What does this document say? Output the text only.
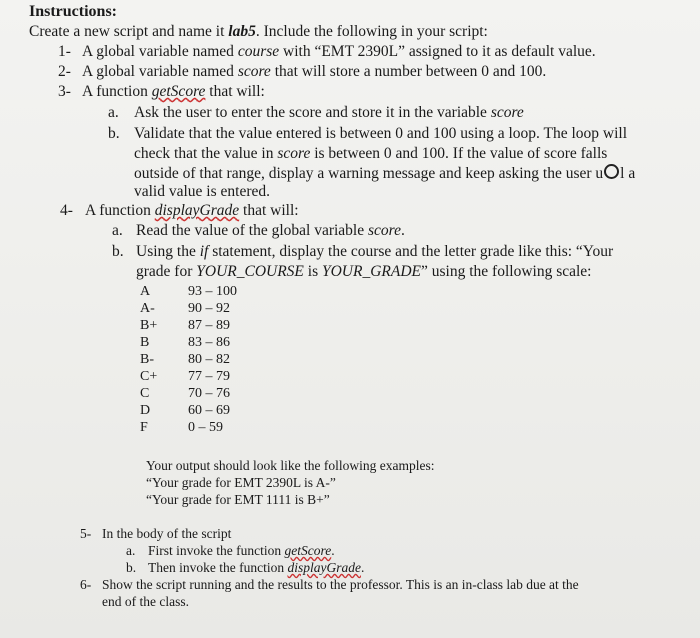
Instructions:
Create a new script and name it lab5. Include the following in your script:
1- A global variable named course with “EMT 2390L” assigned to it as default value.
2- A global variable named score that will store a number between 0 and 100.
3- A function getScore that will:
a. Ask the user to enter the score and store it in the variable score
b. Validate that the value entered is between 0 and 100 using a loop. The loop will
check that the value in score is between 0 and 100. If the value of score falls
outside of that range, display a warning message and keep asking the user u l a
valid value is entered.
4- A function displayGrade that will:
a. Read the value of the global variable score.
b. Using the if statement, display the course and the letter grade like this: “Your
grade for YOUR_COURSE is YOUR_GRADE” using the following scale:
A	93 – 100
A- 90 – 92
B+ 87 – 89
B	83 – 86
B- 80 – 82
C+ 77 – 79
C	70 – 76
D	60 – 69
F	0 – 59
Your output should look like the following examples:
“Your grade for EMT 2390L is A-”
“Your grade for EMT 1111 is B+”
5- In the body of the script
a. First invoke the function getScore.
b. Then invoke the function displayGrade.
6- Show the script running and the results to the professor. This is an in-class lab due at the
end of the class.
